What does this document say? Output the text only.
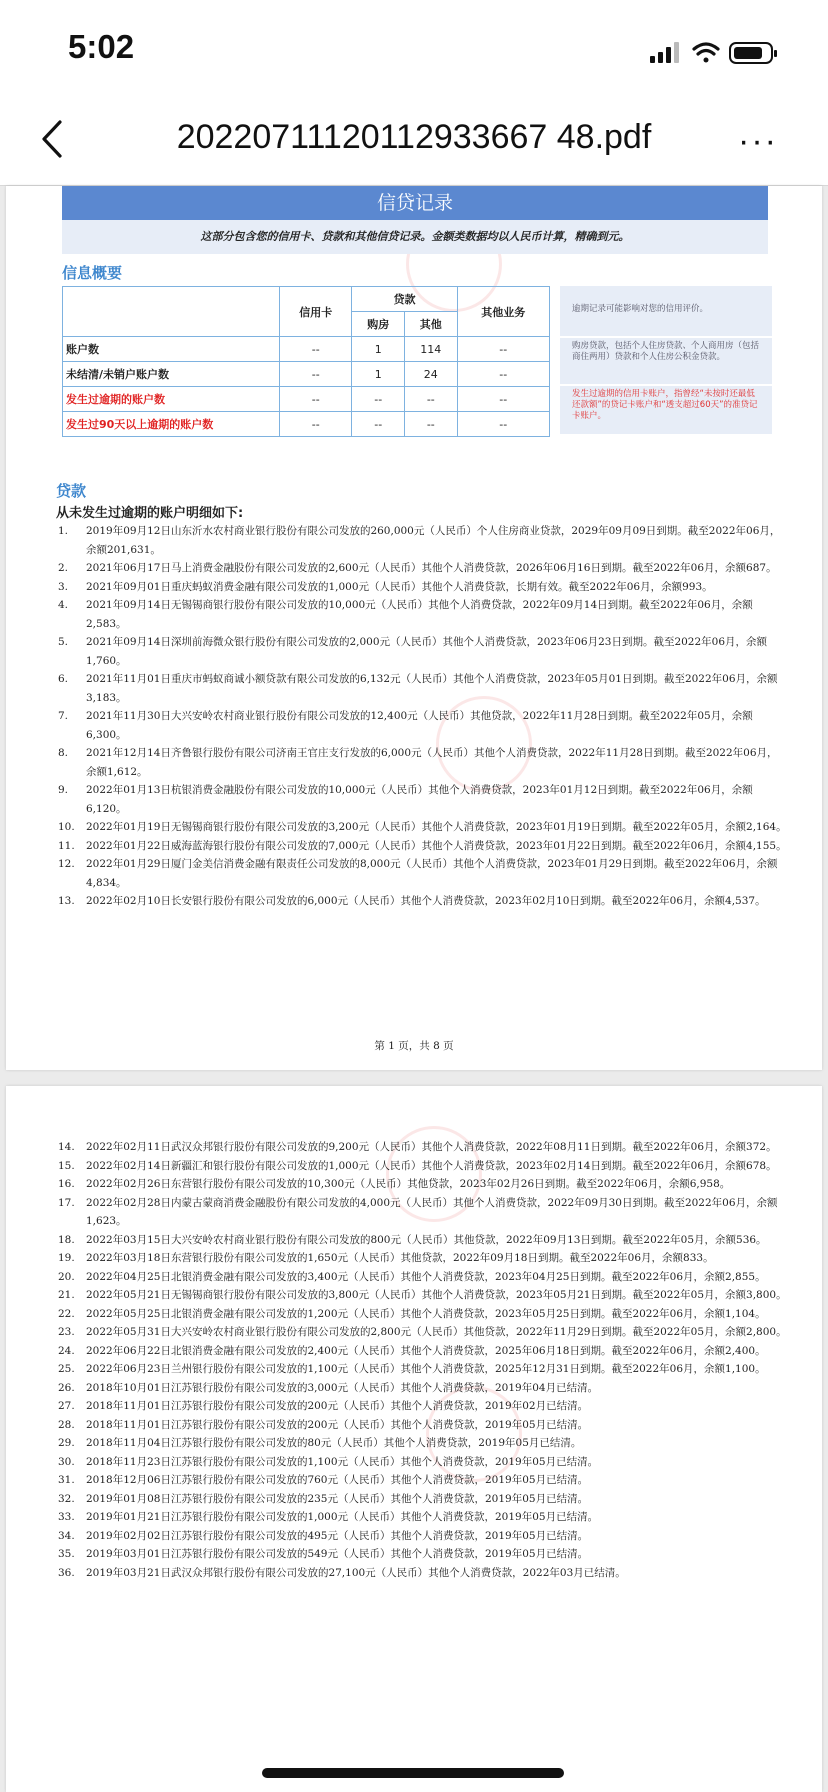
5:02
20220711120112933667 48.pdf	···
信贷记录
这部分包含您的信用卡、贷款和其他信贷记录。金额类数据均以人民币计算，精确到元。
信息概要
	信用卡	贷款		其他业务
		购房	其他	
账户数	--	1	114	--
未结清/未销户账户数	--	1	24	--
发生过逾期的账户数	--	--	--	--
发生过90天以上逾期的账户数	--	--	--	--
逾期记录可能影响对您的信用评价。
购房贷款，包括个人住房贷款、个人商用房（包括商住两用）贷款和个人住房公积金贷款。
发生过逾期的信用卡账户，指曾经“未按时还最低还款额”的贷记卡账户和“透支超过60天”的准贷记卡账户。
贷款
从未发生过逾期的账户明细如下:
1. 2019年09月12日山东沂水农村商业银行股份有限公司发放的260,000元（人民币）个人住房商业贷款，2029年09月09日到期。截至2022年06月，余额201,631。
2. 2021年06月17日马上消费金融股份有限公司发放的2,600元（人民币）其他个人消费贷款，2026年06月16日到期。截至2022年06月，余额687。
3. 2021年09月01日重庆蚂蚁消费金融有限公司发放的1,000元（人民币）其他个人消费贷款，长期有效。截至2022年06月，余额993。
4. 2021年09月14日无锡锡商银行股份有限公司发放的10,000元（人民币）其他个人消费贷款，2022年09月14日到期。截至2022年06月，余额2,583。
5. 2021年09月14日深圳前海微众银行股份有限公司发放的2,000元（人民币）其他个人消费贷款，2023年06月23日到期。截至2022年06月，余额1,760。
6. 2021年11月01日重庆市蚂蚁商诚小额贷款有限公司发放的6,132元（人民币）其他个人消费贷款，2023年05月01日到期。截至2022年06月，余额3,183。
7. 2021年11月30日大兴安岭农村商业银行股份有限公司发放的12,400元（人民币）其他贷款，2022年11月28日到期。截至2022年05月，余额6,300。
8. 2021年12月14日齐鲁银行股份有限公司济南王官庄支行发放的6,000元（人民币）其他个人消费贷款，2022年11月28日到期。截至2022年06月，余额1,612。
9. 2022年01月13日杭银消费金融股份有限公司发放的10,000元（人民币）其他个人消费贷款，2023年01月12日到期。截至2022年06月，余额6,120。
10. 2022年01月19日无锡锡商银行股份有限公司发放的3,200元（人民币）其他个人消费贷款，2023年01月19日到期。截至2022年05月，余额2,164。
11. 2022年01月22日威海蓝海银行股份有限公司发放的7,000元（人民币）其他个人消费贷款，2023年01月22日到期。截至2022年06月，余额4,155。
12. 2022年01月29日厦门金美信消费金融有限责任公司发放的8,000元（人民币）其他个人消费贷款，2023年01月29日到期。截至2022年06月，余额4,834。
13. 2022年02月10日长安银行股份有限公司发放的6,000元（人民币）其他个人消费贷款，2023年02月10日到期。截至2022年06月，余额4,537。
第 1 页，共 8 页
14. 2022年02月11日武汉众邦银行股份有限公司发放的9,200元（人民币）其他个人消费贷款，2022年08月11日到期。截至2022年06月，余额372。
15. 2022年02月14日新疆汇和银行股份有限公司发放的1,000元（人民币）其他个人消费贷款，2023年02月14日到期。截至2022年06月，余额678。
16. 2022年02月26日东营银行股份有限公司发放的10,300元（人民币）其他贷款，2023年02月26日到期。截至2022年06月，余额6,958。
17. 2022年02月28日内蒙古蒙商消费金融股份有限公司发放的4,000元（人民币）其他个人消费贷款，2022年09月30日到期。截至2022年06月，余额1,623。
18. 2022年03月15日大兴安岭农村商业银行股份有限公司发放的800元（人民币）其他贷款，2022年09月13日到期。截至2022年05月，余额536。
19. 2022年03月18日东营银行股份有限公司发放的1,650元（人民币）其他贷款，2022年09月18日到期。截至2022年06月，余额833。
20. 2022年04月25日北银消费金融有限公司发放的3,400元（人民币）其他个人消费贷款，2023年04月25日到期。截至2022年06月，余额2,855。
21. 2022年05月21日无锡锡商银行股份有限公司发放的3,800元（人民币）其他个人消费贷款，2023年05月21日到期。截至2022年05月，余额3,800。
22. 2022年05月25日北银消费金融有限公司发放的1,200元（人民币）其他个人消费贷款，2023年05月25日到期。截至2022年06月，余额1,104。
23. 2022年05月31日大兴安岭农村商业银行股份有限公司发放的2,800元（人民币）其他贷款，2022年11月29日到期。截至2022年05月，余额2,800。
24. 2022年06月22日北银消费金融有限公司发放的2,400元（人民币）其他个人消费贷款，2025年06月18日到期。截至2022年06月，余额2,400。
25. 2022年06月23日兰州银行股份有限公司发放的1,100元（人民币）其他个人消费贷款，2025年12月31日到期。截至2022年06月，余额1,100。
26. 2018年10月01日江苏银行股份有限公司发放的3,000元（人民币）其他个人消费贷款，2019年04月已结清。
27. 2018年11月01日江苏银行股份有限公司发放的200元（人民币）其他个人消费贷款，2019年02月已结清。
28. 2018年11月01日江苏银行股份有限公司发放的200元（人民币）其他个人消费贷款，2019年05月已结清。
29. 2018年11月04日江苏银行股份有限公司发放的80元（人民币）其他个人消费贷款，2019年05月已结清。
30. 2018年11月23日江苏银行股份有限公司发放的1,100元（人民币）其他个人消费贷款，2019年05月已结清。
31. 2018年12月06日江苏银行股份有限公司发放的760元（人民币）其他个人消费贷款，2019年05月已结清。
32. 2019年01月08日江苏银行股份有限公司发放的235元（人民币）其他个人消费贷款，2019年05月已结清。
33. 2019年01月21日江苏银行股份有限公司发放的1,000元（人民币）其他个人消费贷款，2019年05月已结清。
34. 2019年02月02日江苏银行股份有限公司发放的495元（人民币）其他个人消费贷款，2019年05月已结清。
35. 2019年03月01日江苏银行股份有限公司发放的549元（人民币）其他个人消费贷款，2019年05月已结清。
36. 2019年03月21日武汉众邦银行股份有限公司发放的27,100元（人民币）其他个人消费贷款，2022年03月已结清。
